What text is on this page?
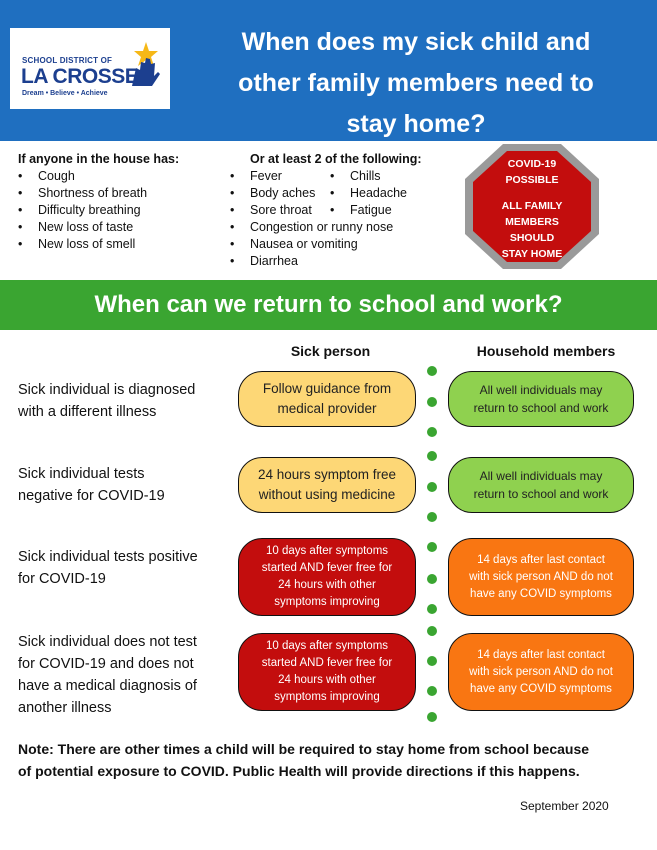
SCHOOL DISTRICT OF
LA CROSSE
Dream • Believe • Achieve
When does my sick child and
other family members need to
stay home?
If anyone in the house has:
• Cough
• Shortness of breath
• Difficulty breathing
• New loss of taste
• New loss of smell
Or at least 2 of the following:
• Fever
• Body aches
• Sore throat
• Congestion or runny nose
• Nausea or vomiting
• Diarrhea
• Chills
• Headache
• Fatigue
COVID-19
POSSIBLE
ALL FAMILY
MEMBERS
SHOULD
STAY HOME
When can we return to school and work?
Sick person	Household members
Sick individual is diagnosed
with a different illness
Follow guidance from
medical provider
All well individuals may
return to school and work
Sick individual tests
negative for COVID-19
24 hours symptom free
without using medicine
All well individuals may
return to school and work
Sick individual tests positive
for COVID-19
10 days after symptoms
started AND fever free for
24 hours with other
symptoms improving
14 days after last contact
with sick person AND do not
have any COVID symptoms
Sick individual does not test
for COVID-19 and does not
have a medical diagnosis of
another illness
10 days after symptoms
started AND fever free for
24 hours with other
symptoms improving
14 days after last contact
with sick person AND do not
have any COVID symptoms
Note: There are other times a child will be required to stay home from school because
of potential exposure to COVID. Public Health will provide directions if this happens.
September 2020
